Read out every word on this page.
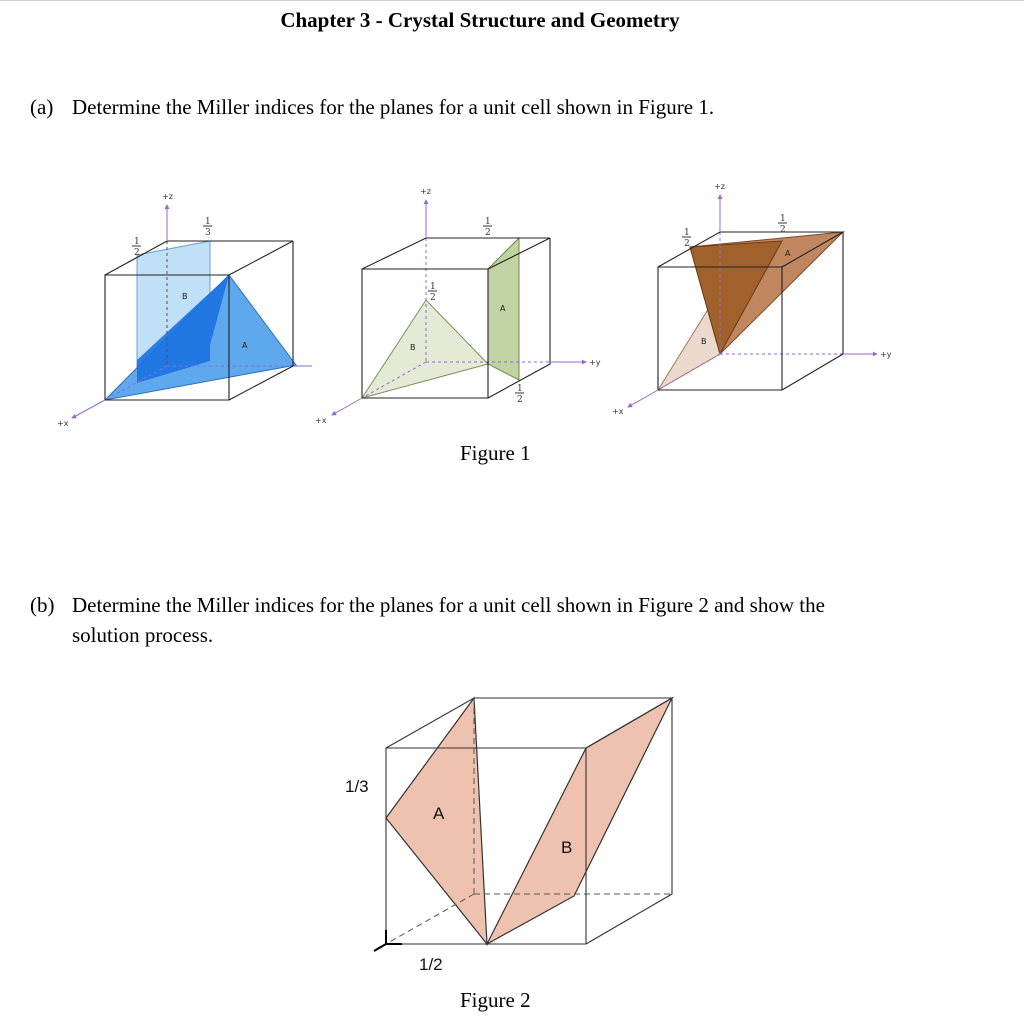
Chapter 3 - Crystal Structure and Geometry
(a) Determine the Miller indices for the planes for a unit cell shown in Figure 1.
+z
+x
1
2
1
3
B
A
+z
+y
+x
1
2
1
2
1
2
B
A
+z
+y
+x
1
2
1
2
A
B
Figure 1
(b) Determine the Miller indices for the planes for a unit cell shown in Figure 2 and show the
solution process.
1/3
1/2
A
B
Figure 2
